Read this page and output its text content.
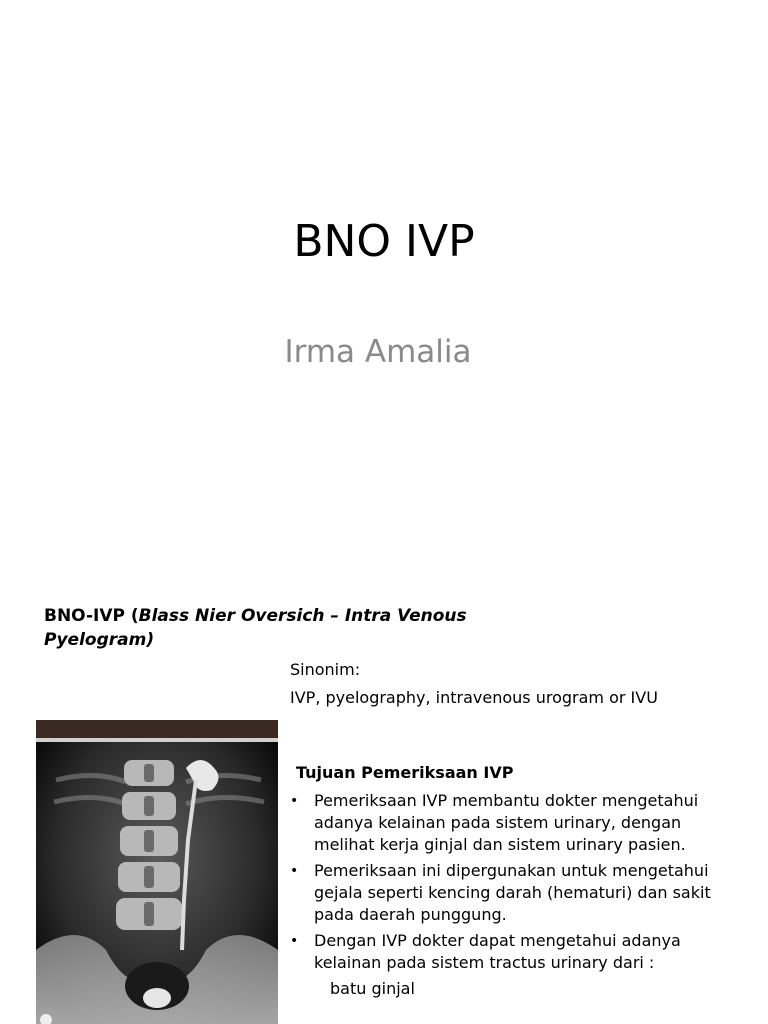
BNO IVP
Irma Amalia
BNO-IVP (Blass Nier Oversich – Intra Venous Pyelogram)
Sinonim:
IVP, pyelography, intravenous urogram or IVU
Tujuan Pemeriksaan IVP
• Pemeriksaan IVP membantu dokter mengetahui adanya kelainan pada sistem urinary, dengan melihat kerja ginjal dan sistem urinary pasien.
• Pemeriksaan ini dipergunakan untuk mengetahui gejala seperti kencing darah (hematuri) dan sakit pada daerah punggung.
• Dengan IVP dokter dapat mengetahui adanya kelainan pada sistem tractus urinary dari :
batu ginjal
